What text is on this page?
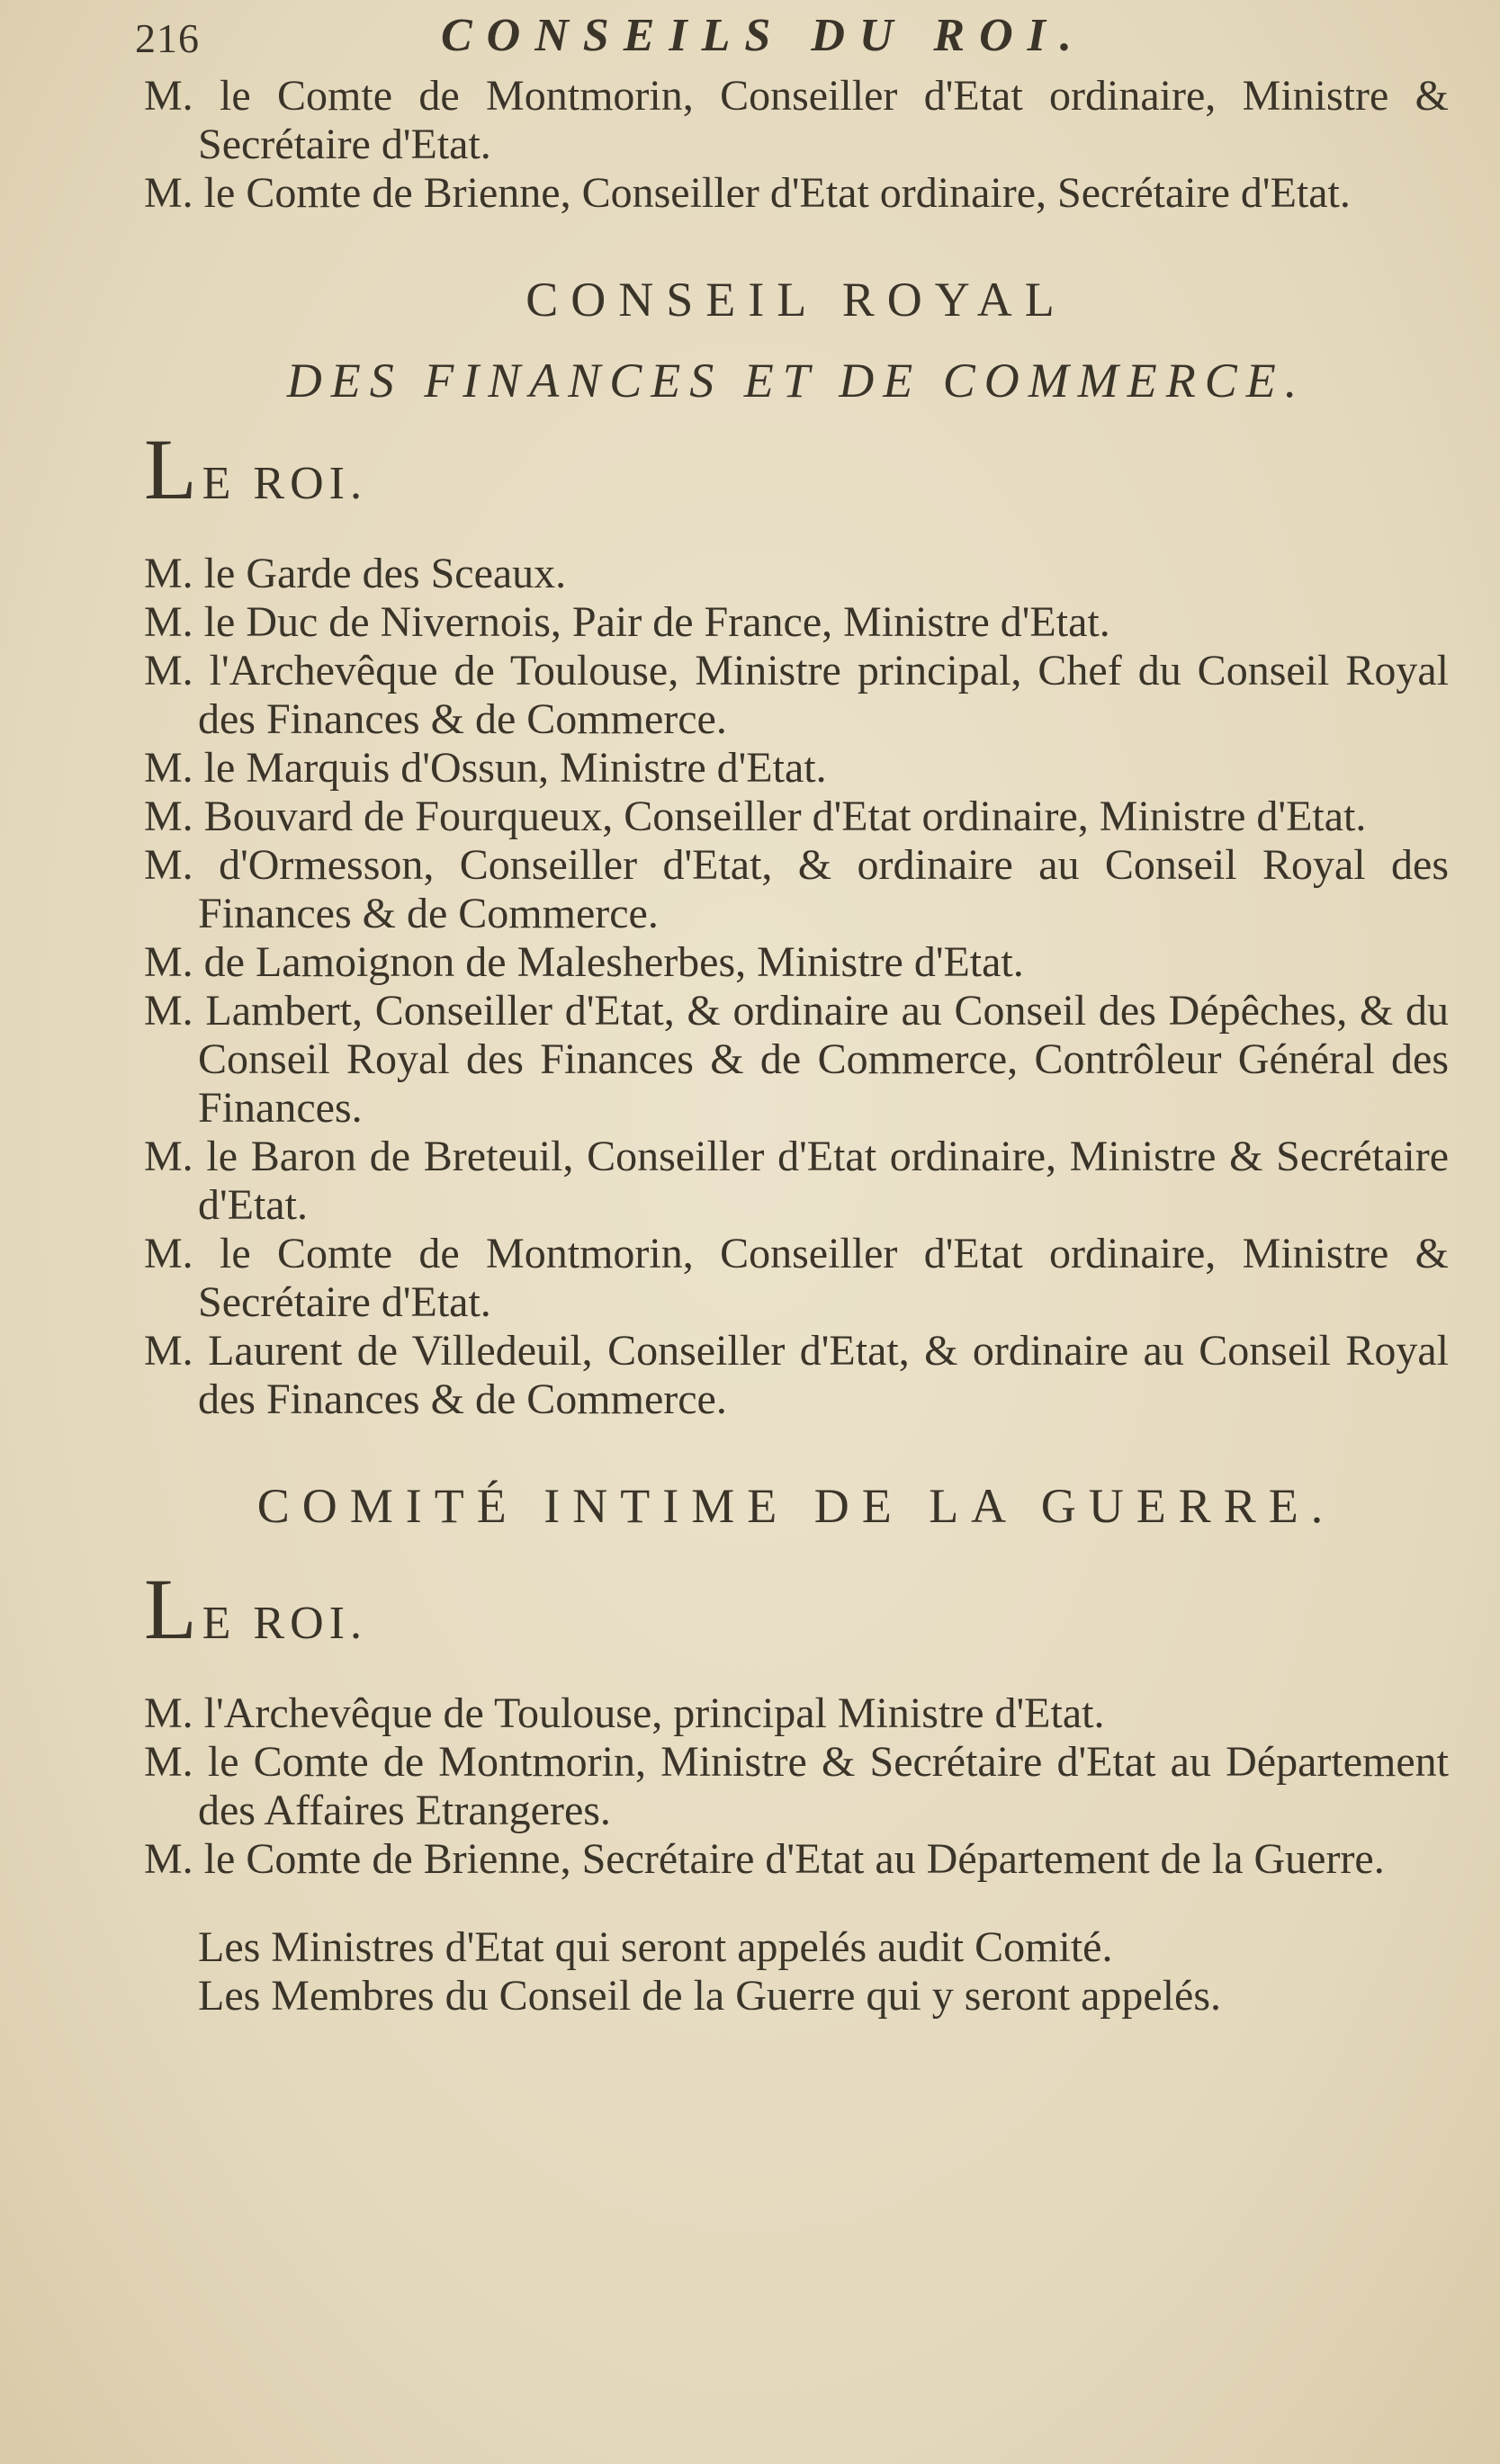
216	CONSEILS DU ROI.

M. le Comte de Montmorin, Conseiller d'Etat ordinaire, Ministre & Secrétaire d'Etat.

M. le Comte de Brienne, Conseiller d'Etat ordinaire, Secrétaire d'Etat.

CONSEIL ROYAL

DES FINANCES ET DE COMMERCE.

LE ROI.

M. le Garde des Sceaux.

M. le Duc de Nivernois, Pair de France, Ministre d'Etat.

M. l'Archevêque de Toulouse, Ministre principal, Chef du Conseil Royal des Finances & de Commerce.

M. le Marquis d'Ossun, Ministre d'Etat.

M. Bouvard de Fourqueux, Conseiller d'Etat ordinaire, Ministre d'Etat.

M. d'Ormesson, Conseiller d'Etat, & ordinaire au Conseil Royal des Finances & de Commerce.

M. de Lamoignon de Malesherbes, Ministre d'Etat.

M. Lambert, Conseiller d'Etat, & ordinaire au Conseil des Dépêches, & du Conseil Royal des Finances & de Commerce, Contrôleur Général des Finances.

M. le Baron de Breteuil, Conseiller d'Etat ordinaire, Ministre & Secrétaire d'Etat.

M. le Comte de Montmorin, Conseiller d'Etat ordinaire, Ministre & Secrétaire d'Etat.

M. Laurent de Villedeuil, Conseiller d'Etat, & ordinaire au Conseil Royal des Finances & de Commerce.

COMITÉ INTIME DE LA GUERRE.

LE ROI.

M. l'Archevêque de Toulouse, principal Ministre d'Etat.

M. le Comte de Montmorin, Ministre & Secrétaire d'Etat au Département des Affaires Etrangeres.

M. le Comte de Brienne, Secrétaire d'Etat au Département de la Guerre.

Les Ministres d'Etat qui seront appelés audit Comité.

Les Membres du Conseil de la Guerre qui y seront appelés.
